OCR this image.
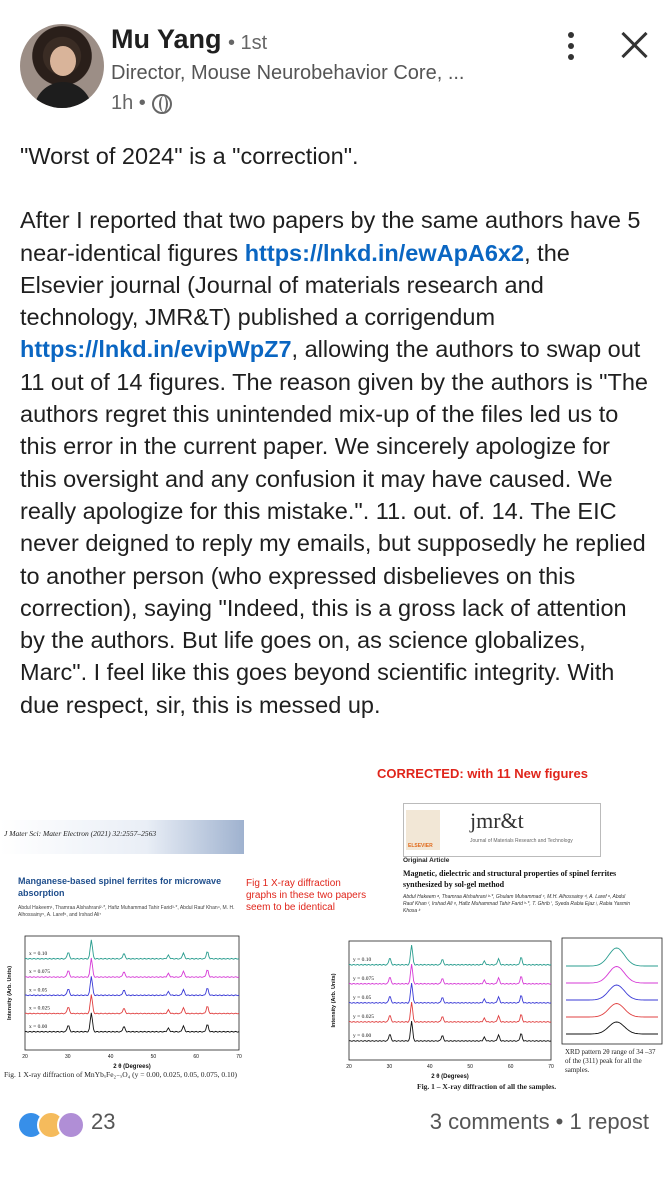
Mu Yang • 1st
Director, Mouse Neurobehavior Core, ...
1h •

"Worst of 2024" is a "correction".

After I reported that two papers by the same authors have 5 near-identical figures https://lnkd.in/ewApA6x2, the Elsevier journal (Journal of materials research and technology, JMR&T) published a corrigendum https://lnkd.in/evipWpZ7, allowing the authors to swap out 11 out of 14 figures. The reason given by the authors is "The authors regret this unintended mix-up of the files led us to this error in the current paper. We sincerely apologize for this oversight and any confusion it may have caused. We really apologize for this mistake.". 11. out. of. 14. The EIC never deigned to reply my emails, but supposedly he replied to another person (who expressed disbelieves on this correction), saying "Indeed, this is a gross lack of attention by the authors. But life goes on, as science globalizes, Marc". I feel like this goes beyond scientific integrity. With due respect, sir, this is messed up.

CORRECTED: with 11 New figures
J Mater Sci: Mater Electron (2021) 32:2557–2563
Manganese-based spinel ferrites for microwave absorption
Abdul Hakeem¹, Thamraa Alshahrani²·*, Hafiz Muhammad Tahir Farid³·*, Abdul Rauf Khan⁴, M. H. Alhossainy⁵, A. Laref⁶, and Irshad Ali⁷
Fig 1 X-ray diffraction graphs in these two papers seem to be identical
ELSEVIER
jmr&t
Journal of Materials Research and Technology
Original Article
Magnetic, dielectric and structural properties of spinel ferrites synthesized by sol-gel method
Abdul Hakeem ᵃ, Thamraa Alshahrani ᵇ·*, Ghulam Muhammad ᶜ, M.H. Alhossainy ᵈ, A. Laref ᵉ, Abdul Rauf Khan ᶠ, Irshad Ali ᵍ, Hafiz Muhammad Tahir Farid ʰ·*, T. Ghrib ⁱ, Syeda Rabia Ejaz ʲ, Rabia Yasmin Khosa ᵏ
x = 0.10
x = 0.075
x = 0.05
x = 0.025
x = 0.00
20	30	40	50	60	70
2 θ (Degrees)
Intensity (Arb. Units)
y = 0.10
y = 0.075
y = 0.05
y = 0.025
y = 0.00
20	30	40	50	60	70
2 θ (Degrees)
Intensity (Arb. Units)
Fig. 1 X-ray diffraction of MnYbₓFe₂₋ₓO₄ (y = 0.00, 0.025, 0.05, 0.075, 0.10)
Fig. 1 – X-ray diffraction of all the samples.
XRD pattern 2θ range of 34 –37 of the (311) peak for all the samples.
23	3 comments • 1 repost
